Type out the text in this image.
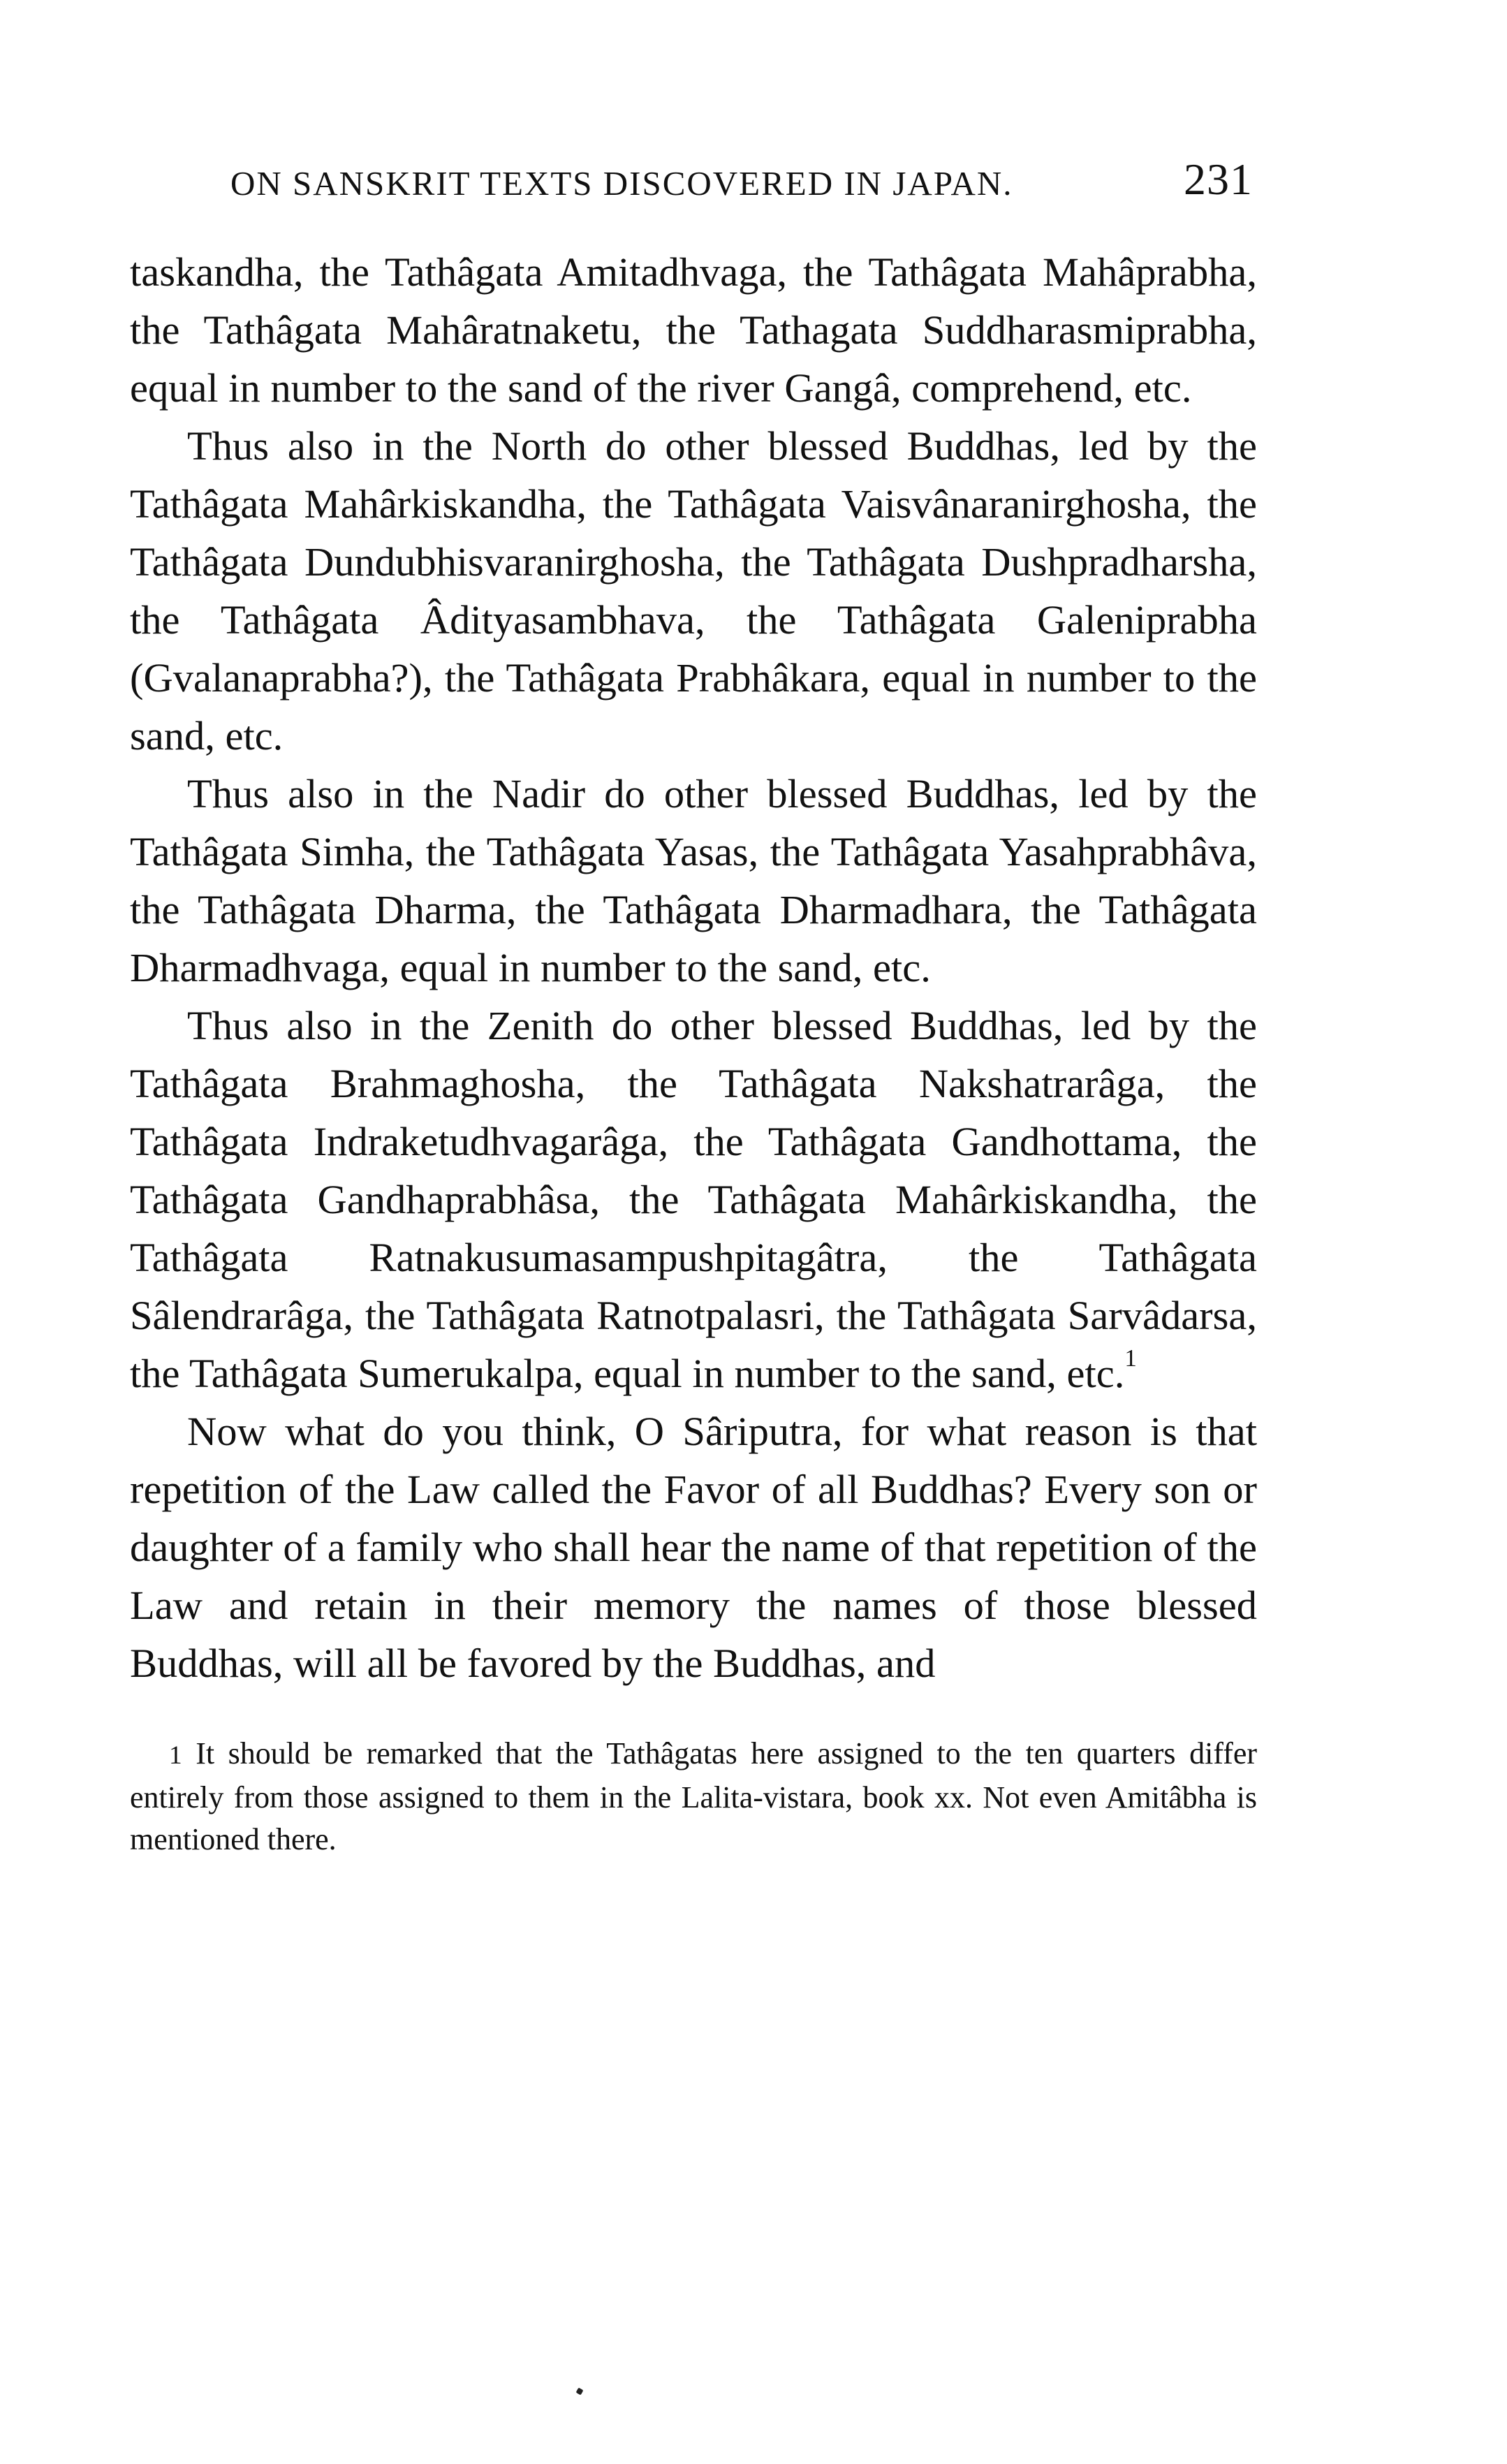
ON SANSKRIT TEXTS DISCOVERED IN JAPAN.	231

taskandha, the Tathâgata Amitadhvaga, the Tathâgata Mahâprabha, the Tathâgata Mahâratnaketu, the Tathagata Suddharasmiprabha, equal in number to the sand of the river Gangâ, comprehend, etc.

Thus also in the North do other blessed Buddhas, led by the Tathâgata Mahârkiskandha, the Tathâgata Vaisvânaranirghosha, the Tathâgata Dundubhisvaranirghosha, the Tathâgata Dushpradharsha, the Tathâgata Âdityasambhava, the Tathâgata Galeniprabha (Gvalanaprabha?), the Tathâgata Prabhâkara, equal in number to the sand, etc.

Thus also in the Nadir do other blessed Buddhas, led by the Tathâgata Simha, the Tathâgata Yasas, the Tathâgata Yasahprabhâva, the Tathâgata Dharma, the Tathâgata Dharmadhara, the Tathâgata Dharmadhvaga, equal in number to the sand, etc.

Thus also in the Zenith do other blessed Buddhas, led by the Tathâgata Brahmaghosha, the Tathâgata Nakshatrarâga, the Tathâgata Indraketudhvagarâga, the Tathâgata Gandhottama, the Tathâgata Gandhaprabhâsa, the Tathâgata Mahârkiskandha, the Tathâgata Ratnakusumasampushpitagâtra, the Tathâgata Sâlendrarâga, the Tathâgata Ratnotpalasri, the Tathâgata Sarvâdarsa, the Tathâgata Sumerukalpa, equal in number to the sand, etc.$^1$

Now what do you think, O Sâriputra, for what reason is that repetition of the Law called the Favor of all Buddhas? Every son or daughter of a family who shall hear the name of that repetition of the Law and retain in their memory the names of those blessed Buddhas, will all be favored by the Buddhas, and

1 It should be remarked that the Tathâgatas here assigned to the ten quarters differ entirely from those assigned to them in the Lalita-vistara, book xx. Not even Amitâbha is mentioned there.
